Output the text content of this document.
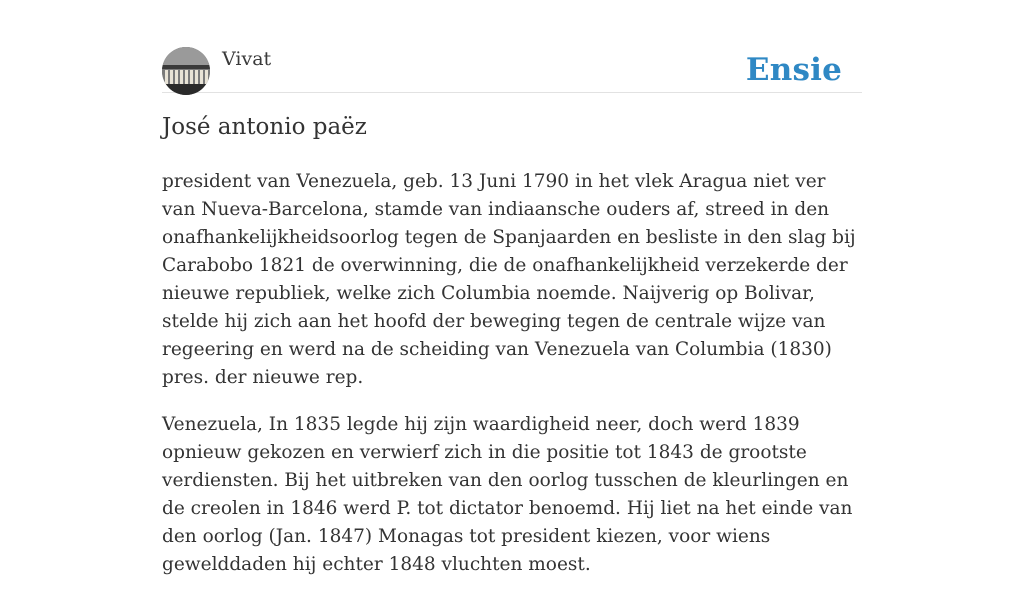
Vivat	Ensie
José antonio paëz

president van Venezuela, geb. 13 Juni 1790 in het vlek Aragua niet ver van Nueva-Barcelona, stamde van indiaansche ouders af, streed in den onafhankelijkheidsoorlog tegen de Spanjaarden en besliste in den slag bij Carabobo 1821 de overwinning, die de onafhankelijkheid verzekerde der nieuwe republiek, welke zich Columbia noemde. Naijverig op Bolivar, stelde hij zich aan het hoofd der beweging tegen de centrale wijze van regeering en werd na de scheiding van Venezuela van Columbia (1830) pres. der nieuwe rep.

Venezuela, In 1835 legde hij zijn waardigheid neer, doch werd 1839 opnieuw gekozen en verwierf zich in die positie tot 1843 de grootste verdiensten. Bij het uitbreken van den oorlog tusschen de kleurlingen en de creolen in 1846 werd P. tot dictator benoemd. Hij liet na het einde van den oorlog (Jan. 1847) Monagas tot president kiezen, voor wiens gewelddaden hij echter 1848 vluchten moest.
